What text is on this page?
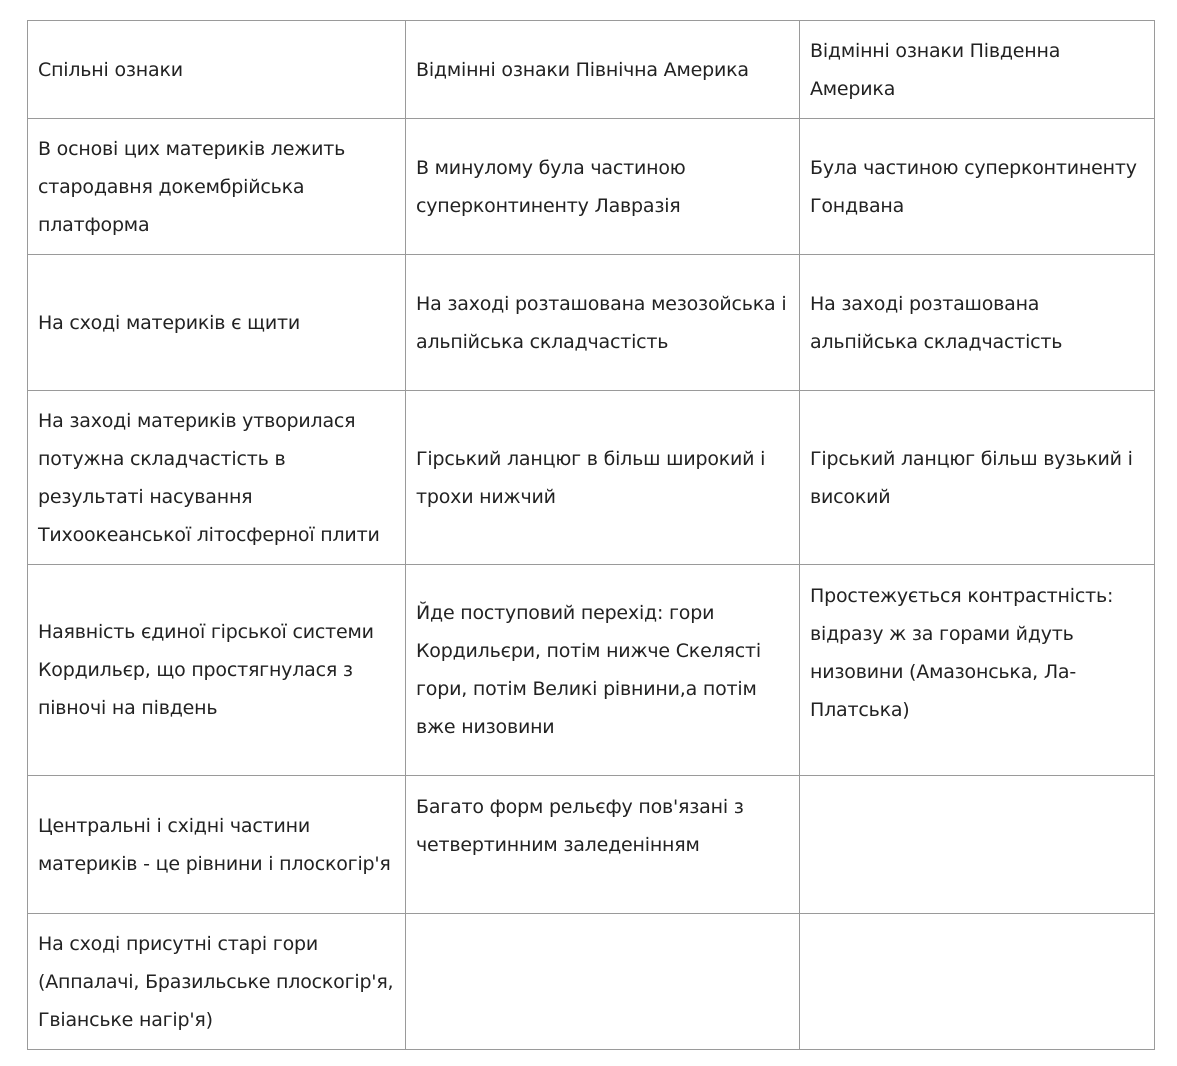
Спільні ознаки	Відмінні ознаки Північна Америка	Відмінні ознаки Південна Америка
В основі цих материків лежить стародавня докембрійська платформа	В минулому була частиною суперконтиненту Лавразія	Була частиною суперконтиненту Гондвана
На сході материків є щити	На заході розташована мезозойська і альпійська складчастість	На заході розташована альпійська складчастість
На заході материків утворилася потужна складчастість в результаті насування Тихоокеанської літосферної плити	Гірський ланцюг в більш широкий і трохи нижчий	Гірський ланцюг більш вузький і високий
Наявність єдиної гірської системи Кордильєр, що простягнулася з півночі на південь	Йде поступовий перехід: гори Кордильєри, потім нижче Скелясті гори, потім Великі рівнини,а потім вже низовини	Простежується контрастність: відразу ж за горами йдуть низовини (Амазонська, Ла-Платська)
Центральні і східні частини материків - це рівнини і плоскогір'я	Багато форм рельєфу пов'язані з четвертинним заледенінням	
На сході присутні старі гори (Аппалачі, Бразильське плоскогір'я, Гвіанське нагір'я)		
